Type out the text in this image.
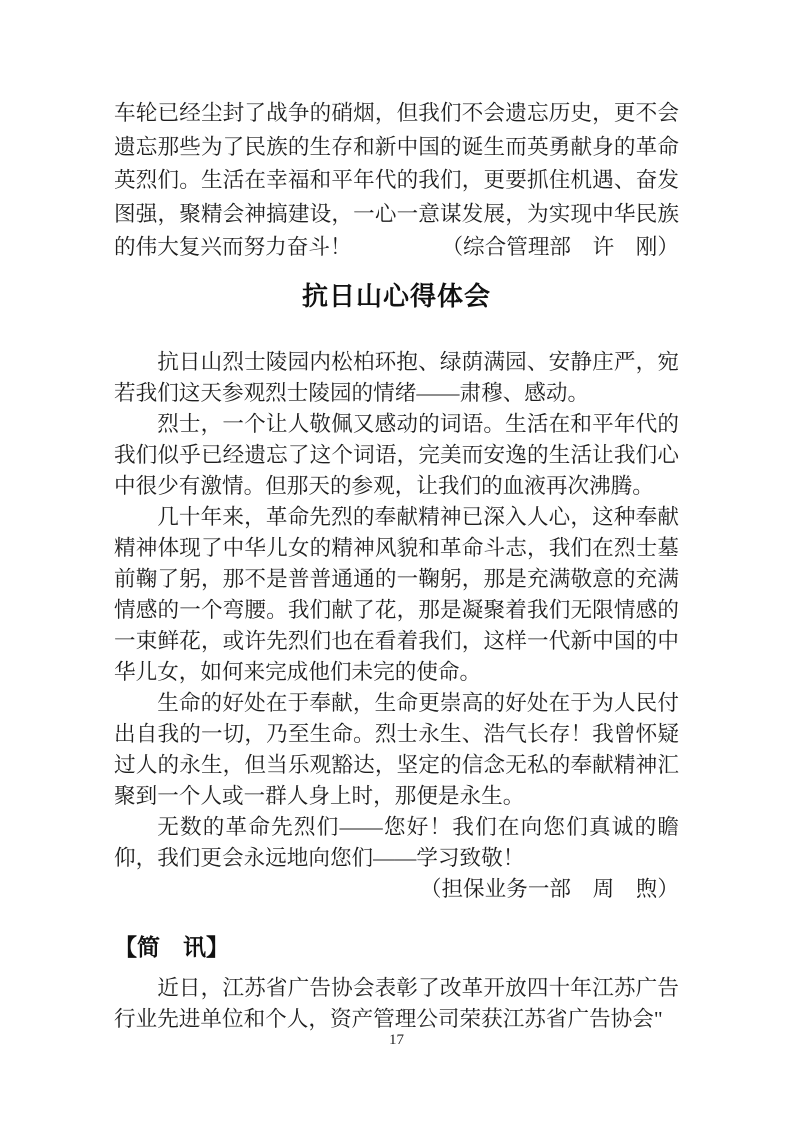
车轮已经尘封了战争的硝烟，但我们不会遗忘历史，更不会遗忘那些为了民族的生存和新中国的诞生而英勇献身的革命英烈们。生活在幸福和平年代的我们，更要抓住机遇、奋发图强，聚精会神搞建设，一心一意谋发展，为实现中华民族的伟大复兴而努力奋斗！	（综合管理部　许　刚）
抗日山心得体会

抗日山烈士陵园内松柏环抱、绿荫满园、安静庄严，宛若我们这天参观烈士陵园的情绪——肃穆、感动。

烈士，一个让人敬佩又感动的词语。生活在和平年代的我们似乎已经遗忘了这个词语，完美而安逸的生活让我们心中很少有激情。但那天的参观，让我们的血液再次沸腾。

几十年来，革命先烈的奉献精神已深入人心，这种奉献精神体现了中华儿女的精神风貌和革命斗志，我们在烈士墓前鞠了躬，那不是普普通通的一鞠躬，那是充满敬意的充满情感的一个弯腰。我们献了花，那是凝聚着我们无限情感的一束鲜花，或许先烈们也在看着我们，这样一代新中国的中华儿女，如何来完成他们未完的使命。

生命的好处在于奉献，生命更崇高的好处在于为人民付出自我的一切，乃至生命。烈士永生、浩气长存！我曾怀疑过人的永生，但当乐观豁达，坚定的信念无私的奉献精神汇聚到一个人或一群人身上时，那便是永生。

无数的革命先烈们——您好！我们在向您们真诚的瞻仰，我们更会永远地向您们——学习致敬！

（担保业务一部　周　煦）
【简　讯】

近日，江苏省广告协会表彰了改革开放四十年江苏广告行业先进单位和个人，资产管理公司荣获江苏省广告协会"

17
